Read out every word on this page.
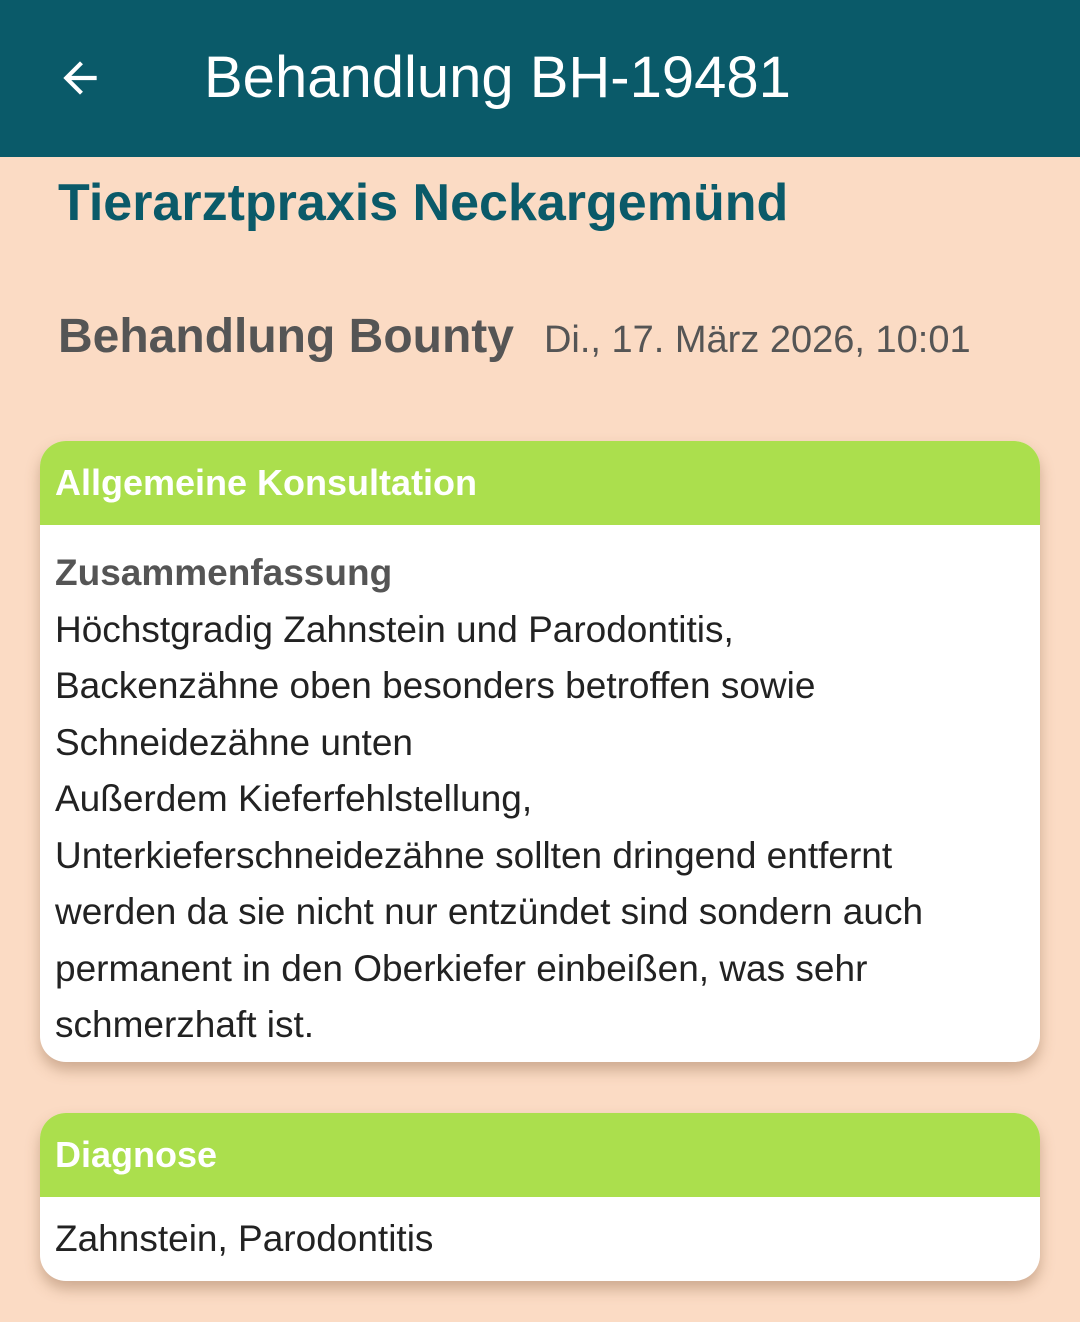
Behandlung BH-19481
Tierarztpraxis Neckargemünd
Behandlung Bounty Di., 17. März 2026, 10:01
Allgemeine Konsultation
Zusammenfassung
Höchstgradig Zahnstein und Parodontitis,
Backenzähne oben besonders betroffen sowie
Schneidezähne unten
Außerdem Kieferfehlstellung,
Unterkieferschneidezähne sollten dringend entfernt
werden da sie nicht nur entzündet sind sondern auch
permanent in den Oberkiefer einbeißen, was sehr
schmerzhaft ist.
Diagnose
Zahnstein, Parodontitis
